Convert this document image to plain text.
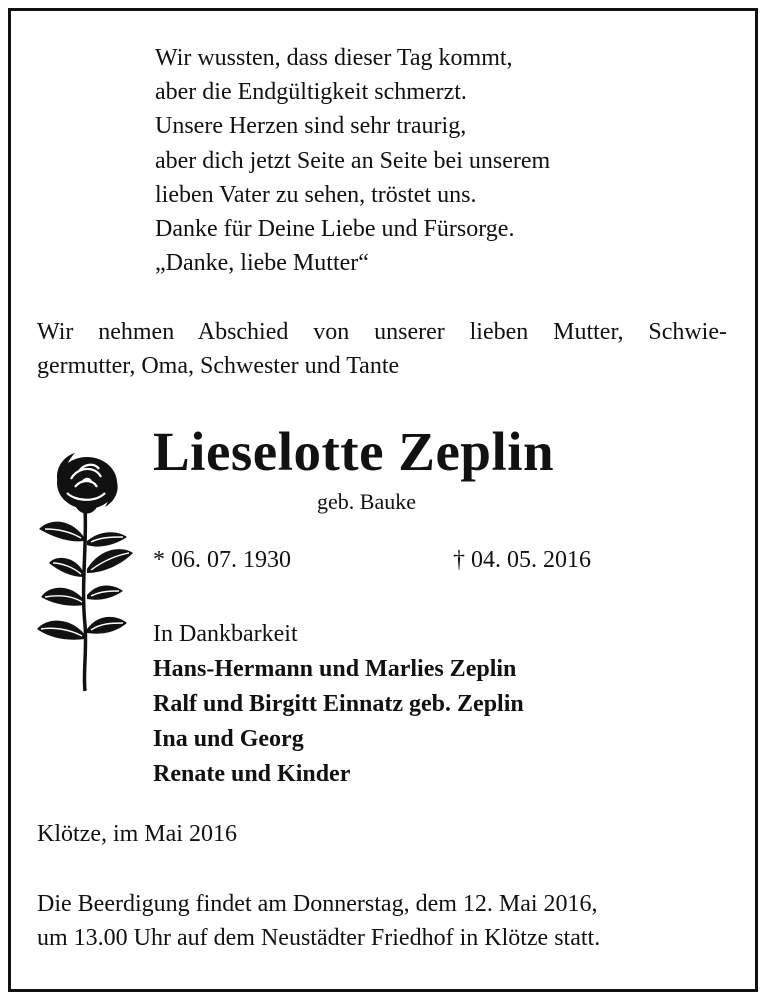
Wir wussten, dass dieser Tag kommt,
aber die Endgültigkeit schmerzt.
Unsere Herzen sind sehr traurig,
aber dich jetzt Seite an Seite bei unserem
lieben Vater zu sehen, tröstet uns.
Danke für Deine Liebe und Fürsorge.
„Danke, liebe Mutter“
Wir nehmen Abschied von unserer lieben Mutter, Schwie-
germutter, Oma, Schwester und Tante
Lieselotte Zeplin
geb. Bauke
* 06. 07. 1930	† 04. 05. 2016
In Dankbarkeit
Hans-Hermann und Marlies Zeplin
Ralf und Birgitt Einnatz geb. Zeplin
Ina und Georg
Renate und Kinder
Klötze, im Mai 2016
Die Beerdigung findet am Donnerstag, dem 12. Mai 2016,
um 13.00 Uhr auf dem Neustädter Friedhof in Klötze statt.
